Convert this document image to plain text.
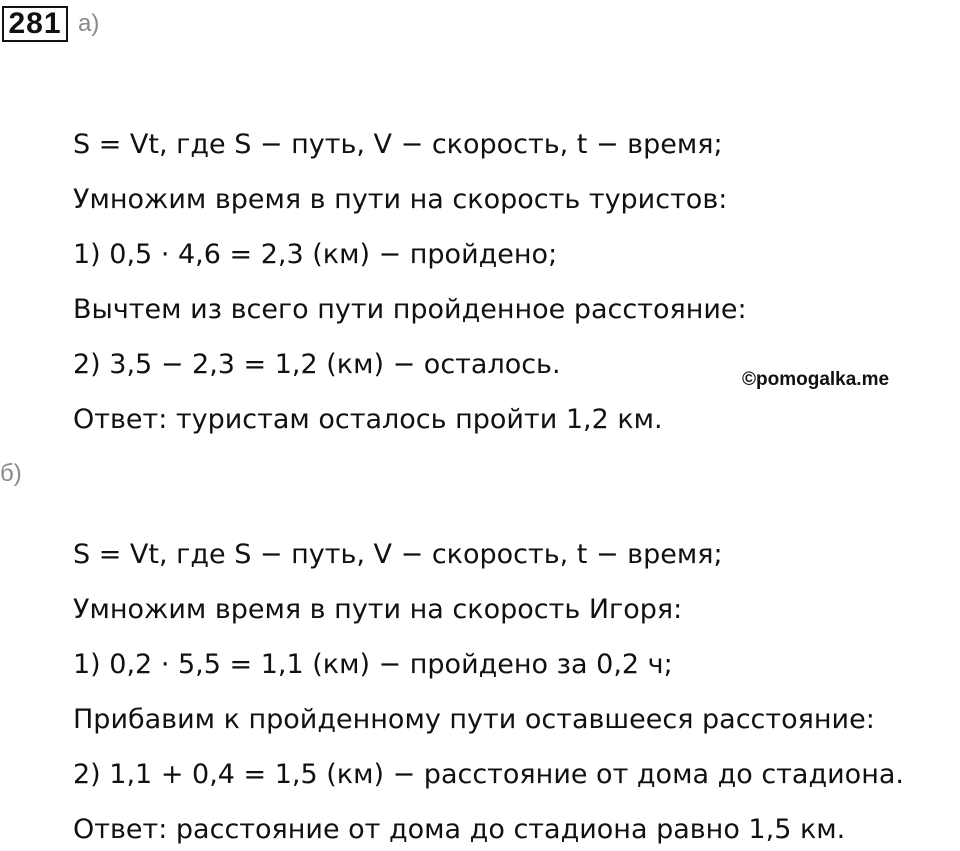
281 а)
S = Vt, где S − путь, V − скорость, t − время;
Умножим время в пути на скорость туристов:
1) 0,5 · 4,6 = 2,3 (км) − пройдено;
Вычтем из всего пути пройденное расстояние:
2) 3,5 − 2,3 = 1,2 (км) − осталось.
Ответ: туристам осталось пройти 1,2 км.
©pomogalka.me
б)
S = Vt, где S − путь, V − скорость, t − время;
Умножим время в пути на скорость Игоря:
1) 0,2 · 5,5 = 1,1 (км) − пройдено за 0,2 ч;
Прибавим к пройденному пути оставшееся расстояние:
2) 1,1 + 0,4 = 1,5 (км) − расстояние от дома до стадиона.
Ответ: расстояние от дома до стадиона равно 1,5 км.
